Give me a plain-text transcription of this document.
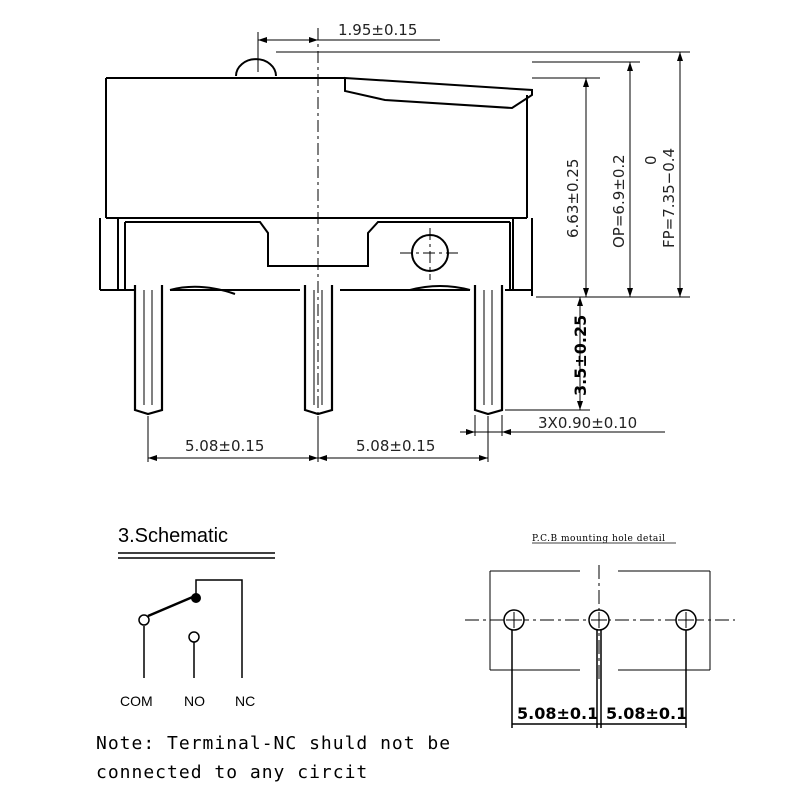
1.95±0.15
6.63±0.25 OP=6.9±0.2 0 FP=7.35−0.4
3.5±0.25
3X0.90±0.10
5.08±0.15	5.08±0.15
3.Schematic
COM NO NC
P.C.B mounting hole detail
5.08±0.1 5.08±0.1
Note: Terminal-NC shuld not be
connected to any circit
